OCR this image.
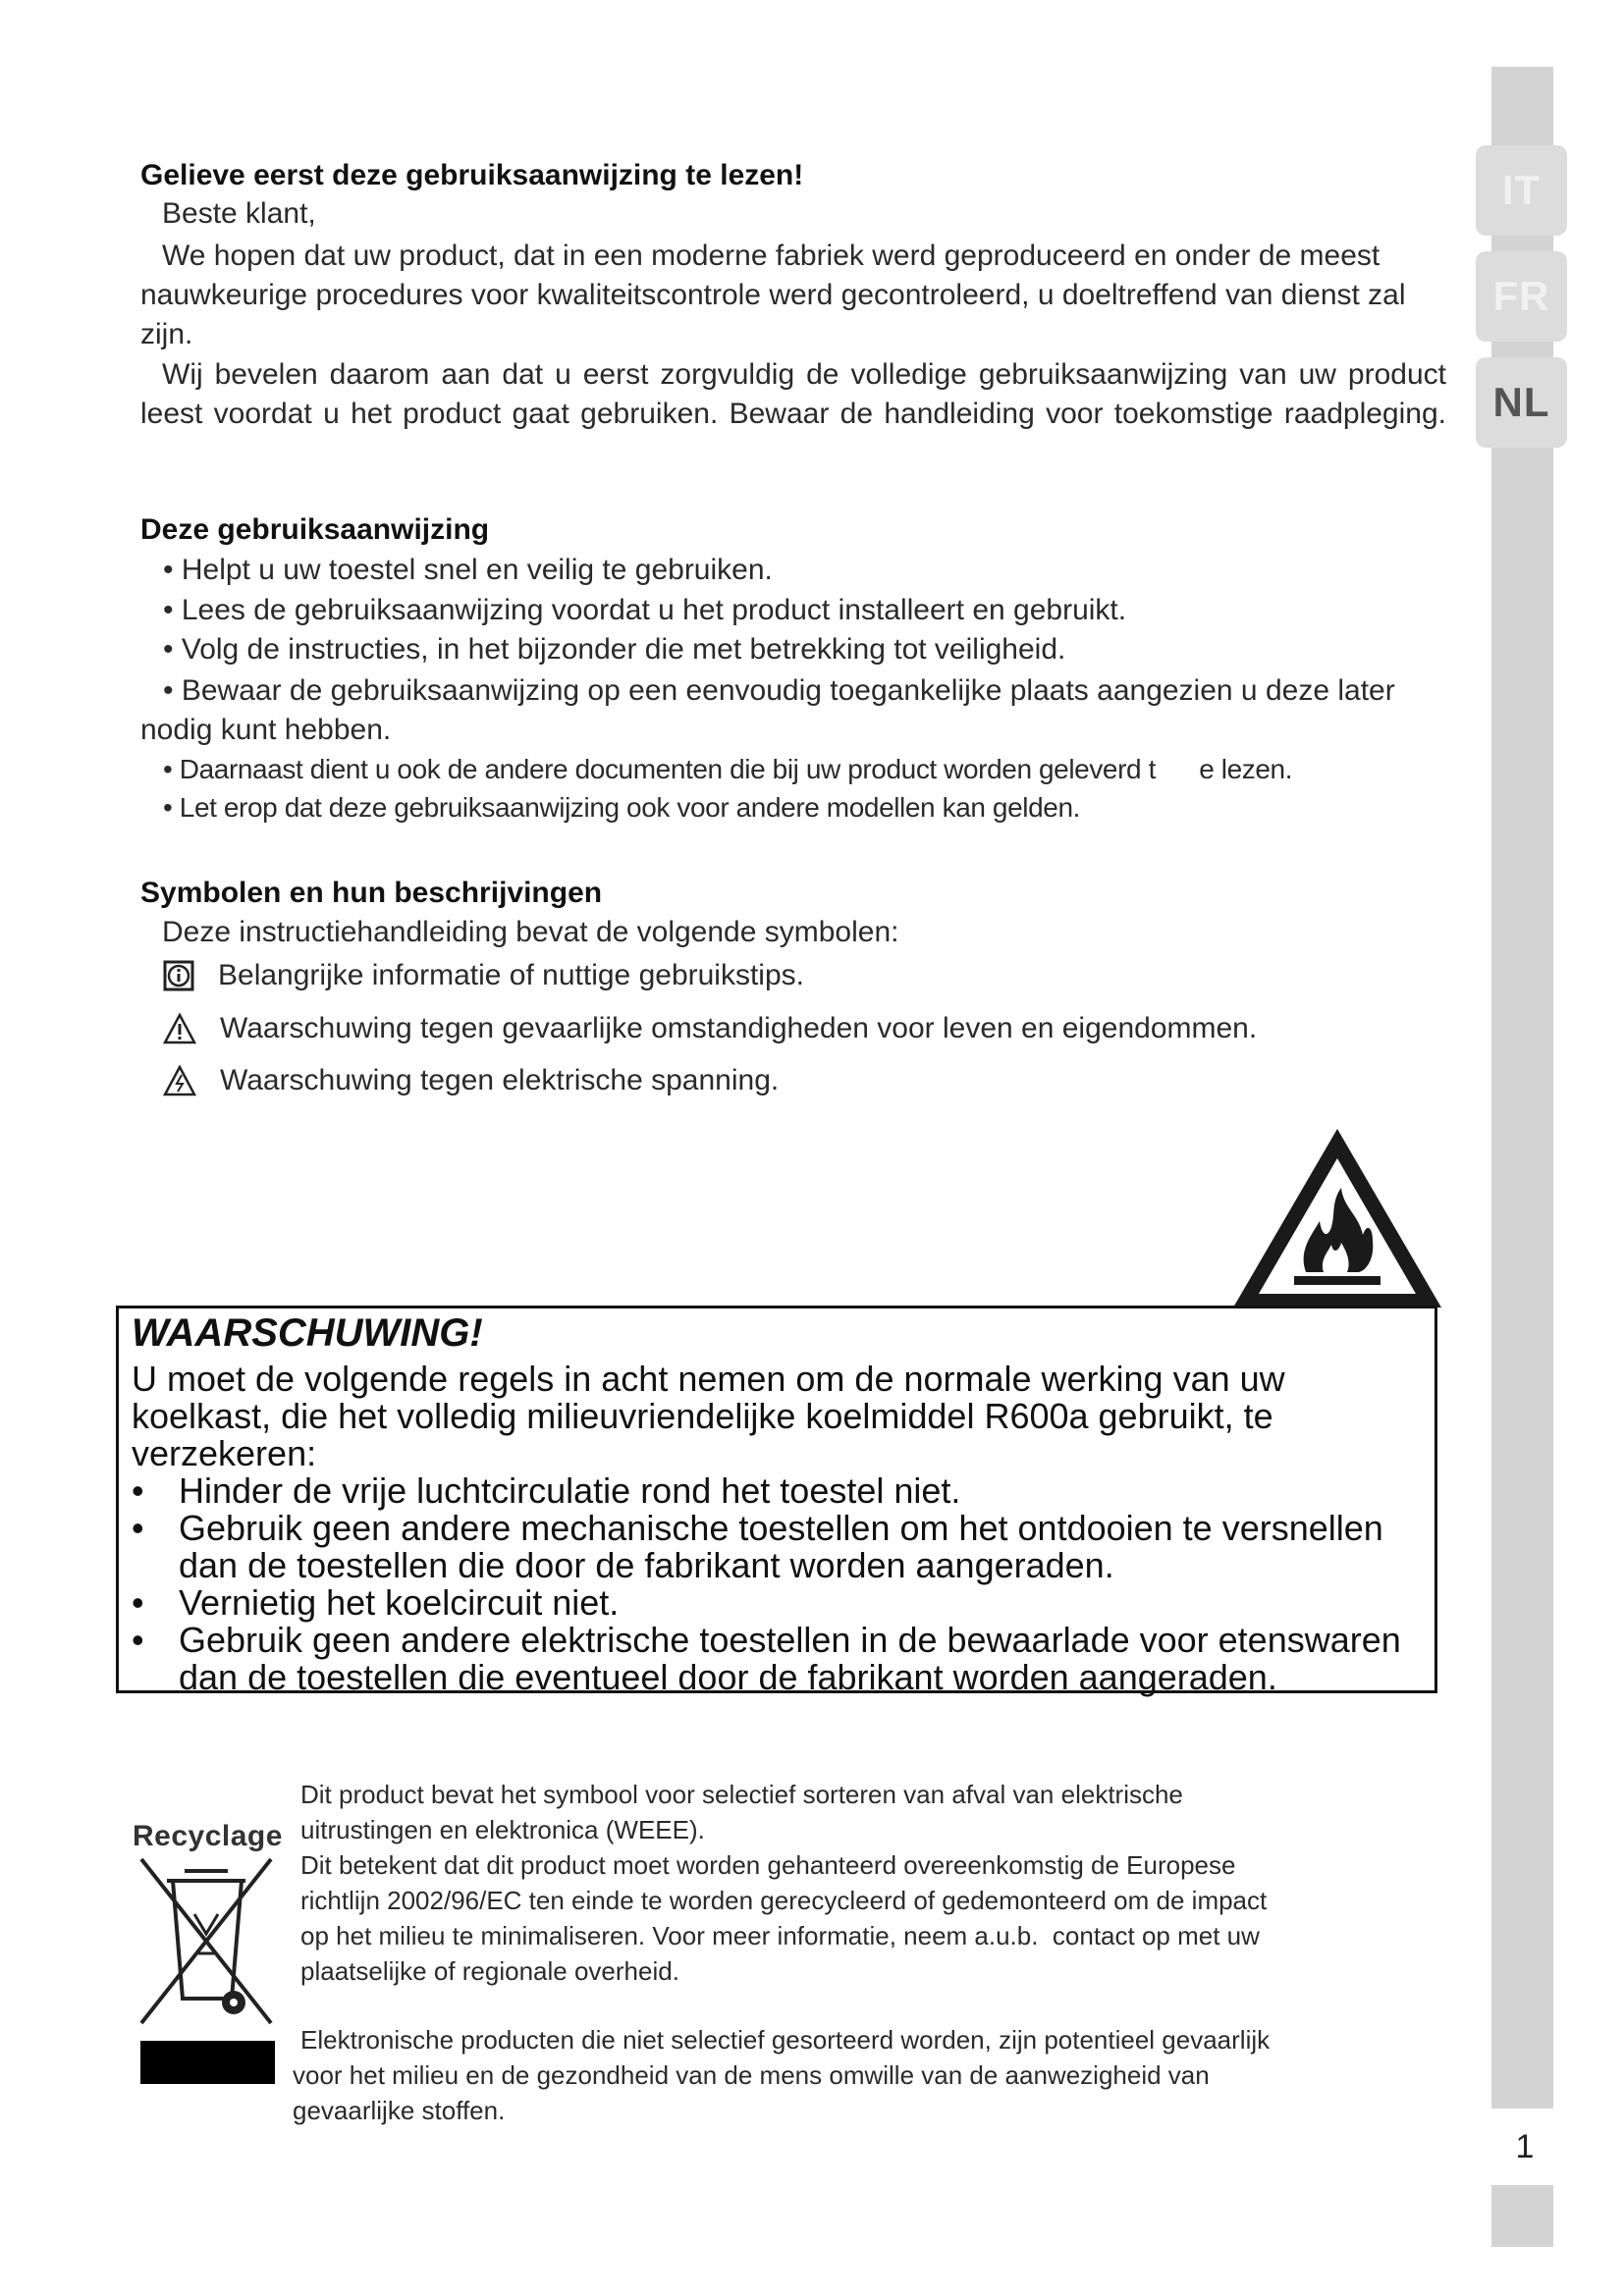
IT
FR
NL
1
Gelieve eerst deze gebruiksaanwijzing te lezen!
Beste klant,
We hopen dat uw product, dat in een moderne fabriek werd geproduceerd en onder de meest nauwkeurige procedures voor kwaliteitscontrole werd gecontroleerd, u doeltreffend van dienst zal zijn.
Wij bevelen daarom aan dat u eerst zorgvuldig de volledige gebruiksaanwijzing van uw product leest voordat u het product gaat gebruiken. Bewaar de handleiding voor toekomstige raadpleging.
Deze gebruiksaanwijzing
• Helpt u uw toestel snel en veilig te gebruiken.
• Lees de gebruiksaanwijzing voordat u het product installeert en gebruikt.
• Volg de instructies, in het bijzonder die met betrekking tot veiligheid.
• Bewaar de gebruiksaanwijzing op een eenvoudig toegankelijke plaats aangezien u deze later nodig kunt hebben.
• Daarnaast dient u ook de andere documenten die bij uw product worden geleverd t      e lezen.
• Let erop dat deze gebruiksaanwijzing ook voor andere modellen kan gelden.
Symbolen en hun beschrijvingen
Deze instructiehandleiding bevat de volgende symbolen:
Belangrijke informatie of nuttige gebruikstips.
Waarschuwing tegen gevaarlijke omstandigheden voor leven en eigendommen.
Waarschuwing tegen elektrische spanning.
WAARSCHUWING!
U moet de volgende regels in acht nemen om de normale werking van uw koelkast, die het volledig milieuvriendelijke koelmiddel R600a gebruikt, te verzekeren:
• Hinder de vrije luchtcirculatie rond het toestel niet.
• Gebruik geen andere mechanische toestellen om het ontdooien te versnellen dan de toestellen die door de fabrikant worden aangeraden.
• Vernietig het koelcircuit niet.
• Gebruik geen andere elektrische toestellen in de bewaarlade voor etenswaren dan de toestellen die eventueel door de fabrikant worden aangeraden.
Recyclage
Dit product bevat het symbool voor selectief sorteren van afval van elektrische
uitrustingen en elektronica (WEEE).
Dit betekent dat dit product moet worden gehanteerd overeenkomstig de Europese
richtlijn 2002/96/EC ten einde te worden gerecycleerd of gedemonteerd om de impact
op het milieu te minimaliseren. Voor meer informatie, neem a.u.b.  contact op met uw
plaatselijke of regionale overheid.
Elektronische producten die niet selectief gesorteerd worden, zijn potentieel gevaarlijk
voor het milieu en de gezondheid van de mens omwille van de aanwezigheid van
gevaarlijke stoffen.
